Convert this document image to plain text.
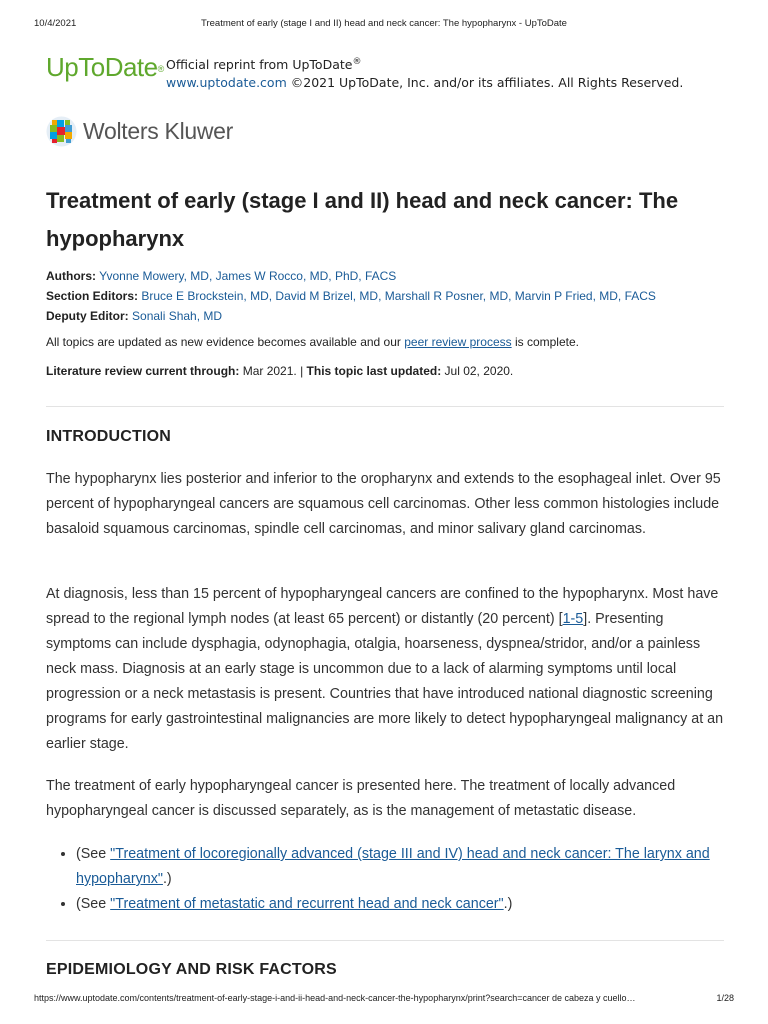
10/4/2021	Treatment of early (stage I and II) head and neck cancer: The hypopharynx - UpToDate
UpToDate® Official reprint from UpToDate®
www.uptodate.com ©2021 UpToDate, Inc. and/or its affiliates. All Rights Reserved.
Wolters Kluwer
Treatment of early (stage I and II) head and neck cancer: The hypopharynx
Authors: Yvonne Mowery, MD, James W Rocco, MD, PhD, FACS
Section Editors: Bruce E Brockstein, MD, David M Brizel, MD, Marshall R Posner, MD, Marvin P Fried, MD, FACS
Deputy Editor: Sonali Shah, MD
All topics are updated as new evidence becomes available and our peer review process is complete.
Literature review current through: Mar 2021. | This topic last updated: Jul 02, 2020.
INTRODUCTION

The hypopharynx lies posterior and inferior to the oropharynx and extends to the esophageal inlet. Over 95 percent of hypopharyngeal cancers are squamous cell carcinomas. Other less common histologies include basaloid squamous carcinomas, spindle cell carcinomas, and minor salivary gland carcinomas.

At diagnosis, less than 15 percent of hypopharyngeal cancers are confined to the hypopharynx. Most have spread to the regional lymph nodes (at least 65 percent) or distantly (20 percent) [1-5]. Presenting symptoms can include dysphagia, odynophagia, otalgia, hoarseness, dyspnea/stridor, and/or a painless neck mass. Diagnosis at an early stage is uncommon due to a lack of alarming symptoms until local progression or a neck metastasis is present. Countries that have introduced national diagnostic screening programs for early gastrointestinal malignancies are more likely to detect hypopharyngeal malignancy at an earlier stage.

The treatment of early hypopharyngeal cancer is presented here. The treatment of locally advanced hypopharyngeal cancer is discussed separately, as is the management of metastatic disease.

• (See "Treatment of locoregionally advanced (stage III and IV) head and neck cancer: The larynx and hypopharynx".)
• (See "Treatment of metastatic and recurrent head and neck cancer".)
EPIDEMIOLOGY AND RISK FACTORS
https://www.uptodate.com/contents/treatment-of-early-stage-i-and-ii-head-and-neck-cancer-the-hypopharynx/print?search=cancer de cabeza y cuello…	1/28
